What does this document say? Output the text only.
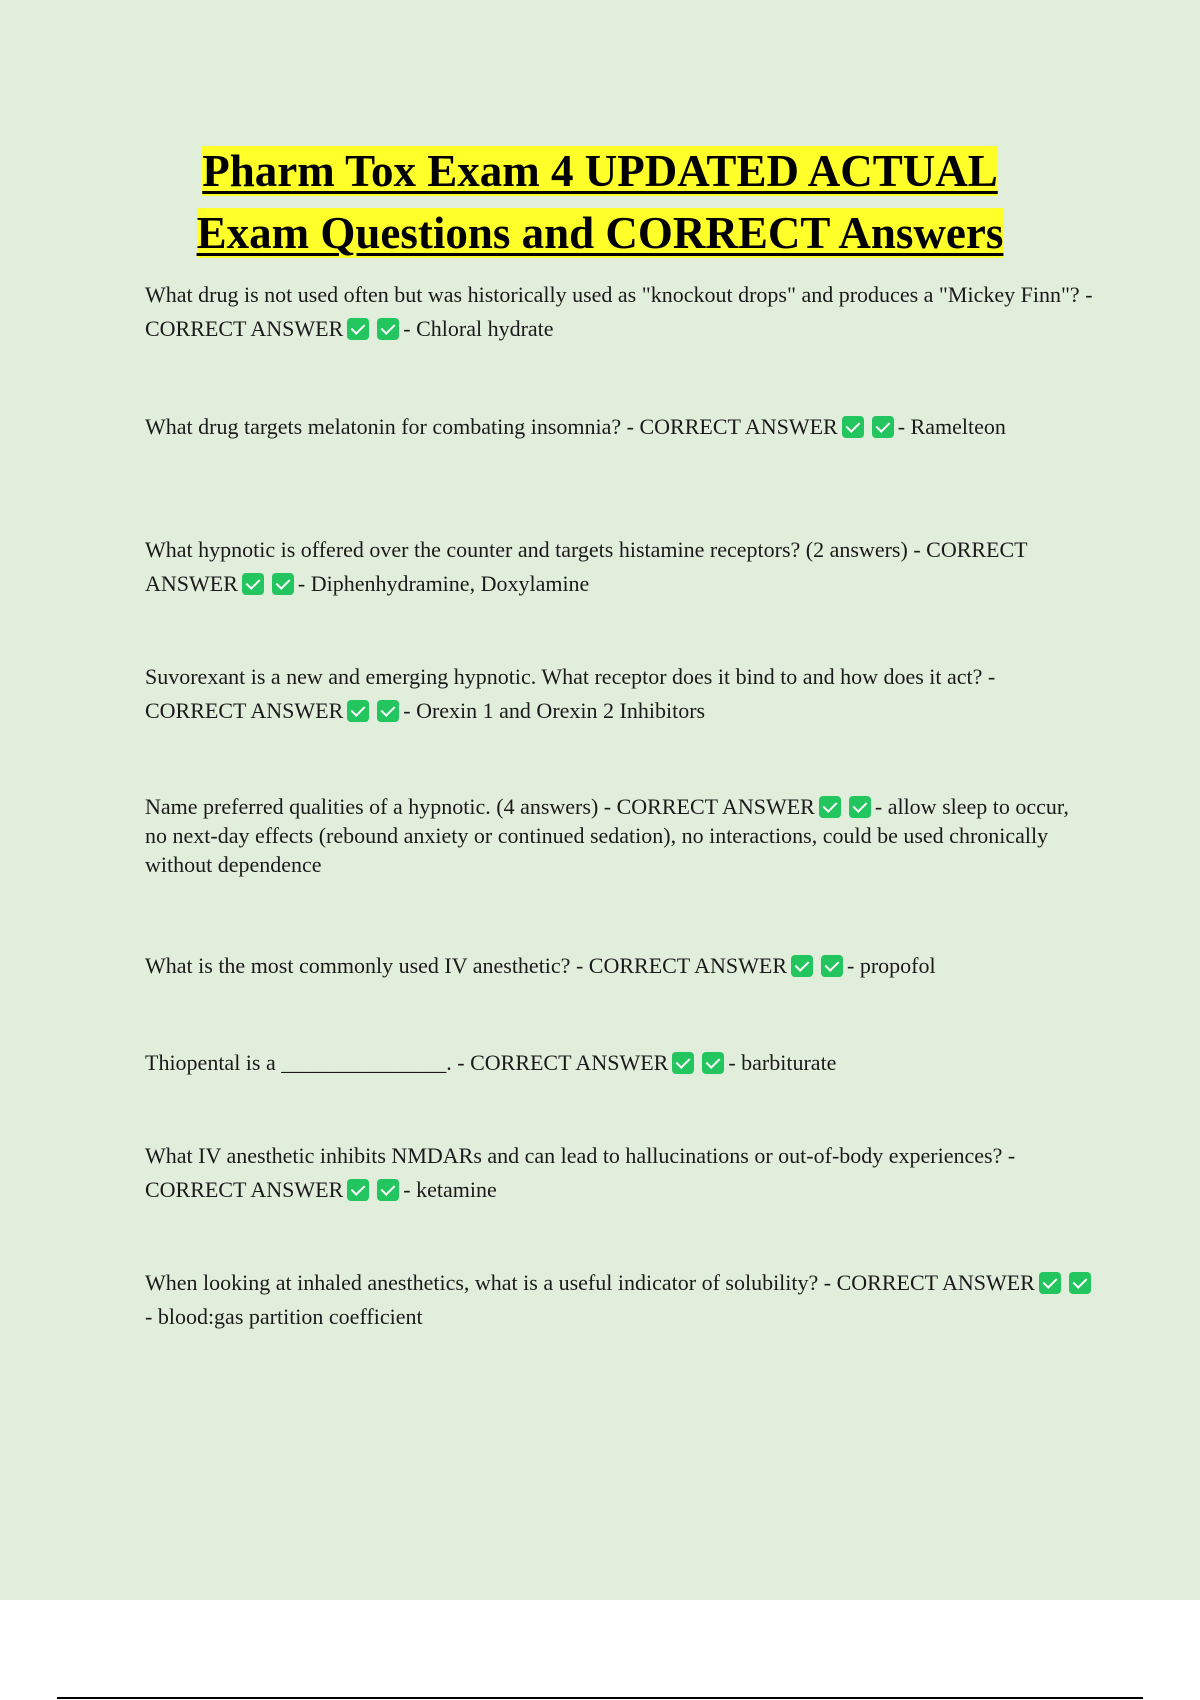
Pharm Tox Exam 4 UPDATED ACTUAL
Exam Questions and CORRECT Answers

What drug is not used often but was historically used as "knockout drops" and produces a "Mickey Finn"? - CORRECT ANSWER	- Chloral hydrate

What drug targets melatonin for combating insomnia? - CORRECT ANSWER	- Ramelteon

What hypnotic is offered over the counter and targets histamine receptors? (2 answers) - CORRECT ANSWER	- Diphenhydramine, Doxylamine

Suvorexant is a new and emerging hypnotic. What receptor does it bind to and how does it act? - CORRECT ANSWER	- Orexin 1 and Orexin 2 Inhibitors

Name preferred qualities of a hypnotic. (4 answers) - CORRECT ANSWER	- allow sleep to occur, no next-day effects (rebound anxiety or continued sedation), no interactions, could be used chronically without dependence

What is the most commonly used IV anesthetic? - CORRECT ANSWER	- propofol

Thiopental is a _______________. - CORRECT ANSWER	- barbiturate

What IV anesthetic inhibits NMDARs and can lead to hallucinations or out-of-body experiences? - CORRECT ANSWER	- ketamine

When looking at inhaled anesthetics, what is a useful indicator of solubility? - CORRECT ANSWER- blood:gas partition coefficient
